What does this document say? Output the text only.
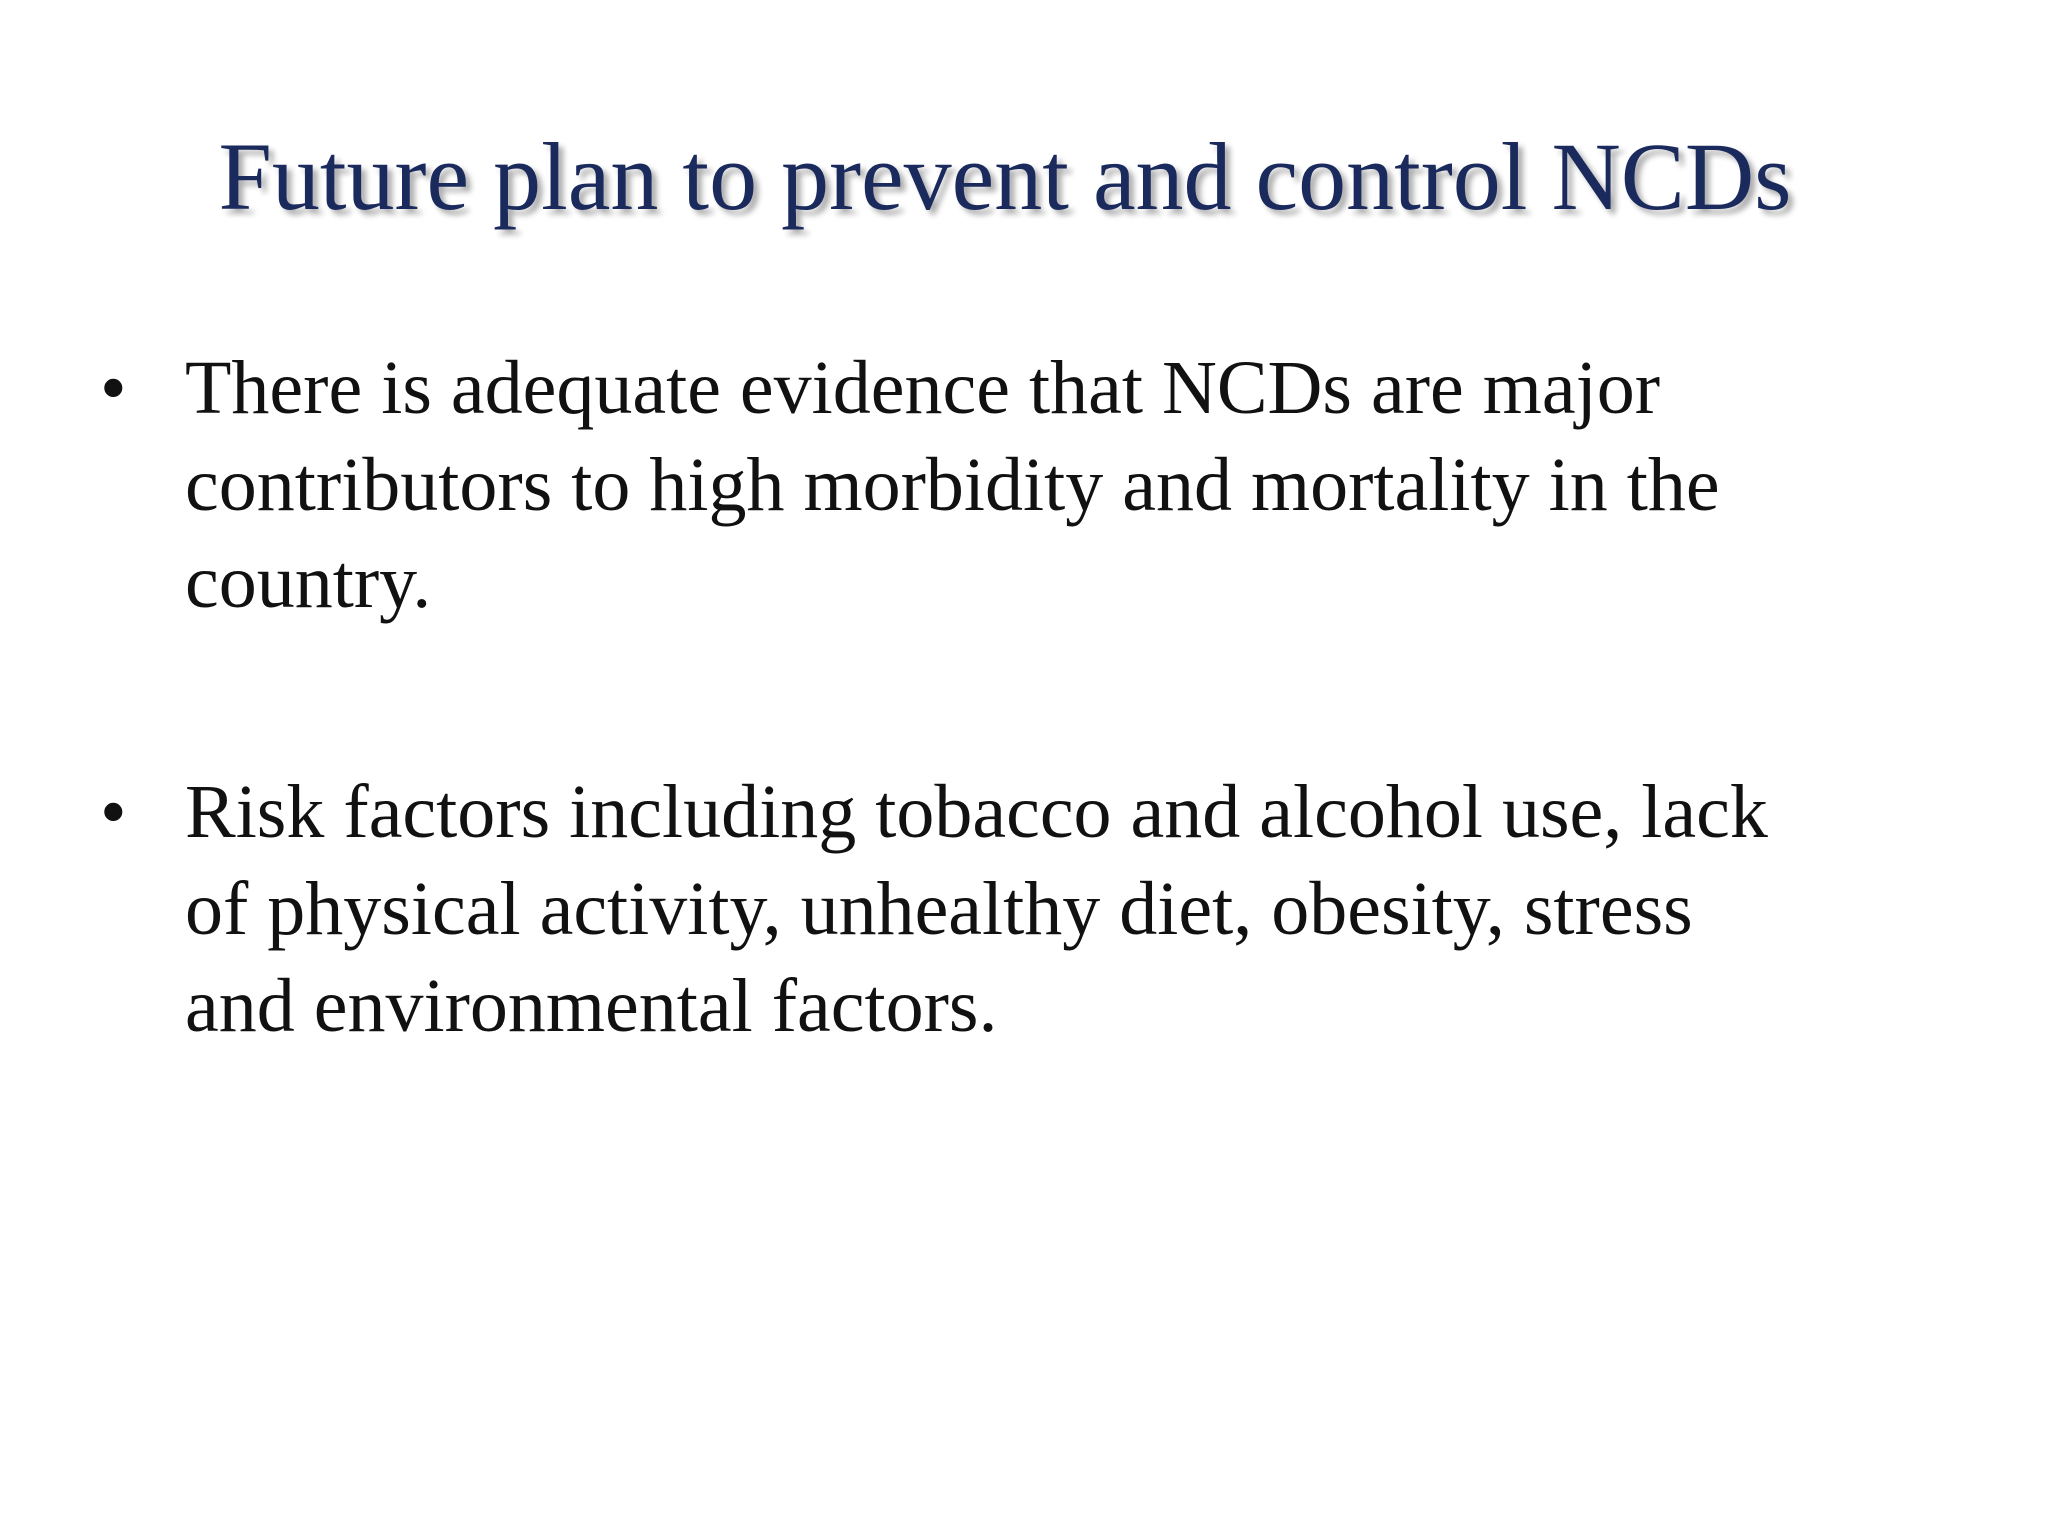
Future plan to prevent and control NCDs
• There is adequate evidence that NCDs are major
contributors to high morbidity and mortality in the
country.
• Risk factors including tobacco and alcohol use, lack
of physical activity, unhealthy diet, obesity, stress
and environmental factors.
